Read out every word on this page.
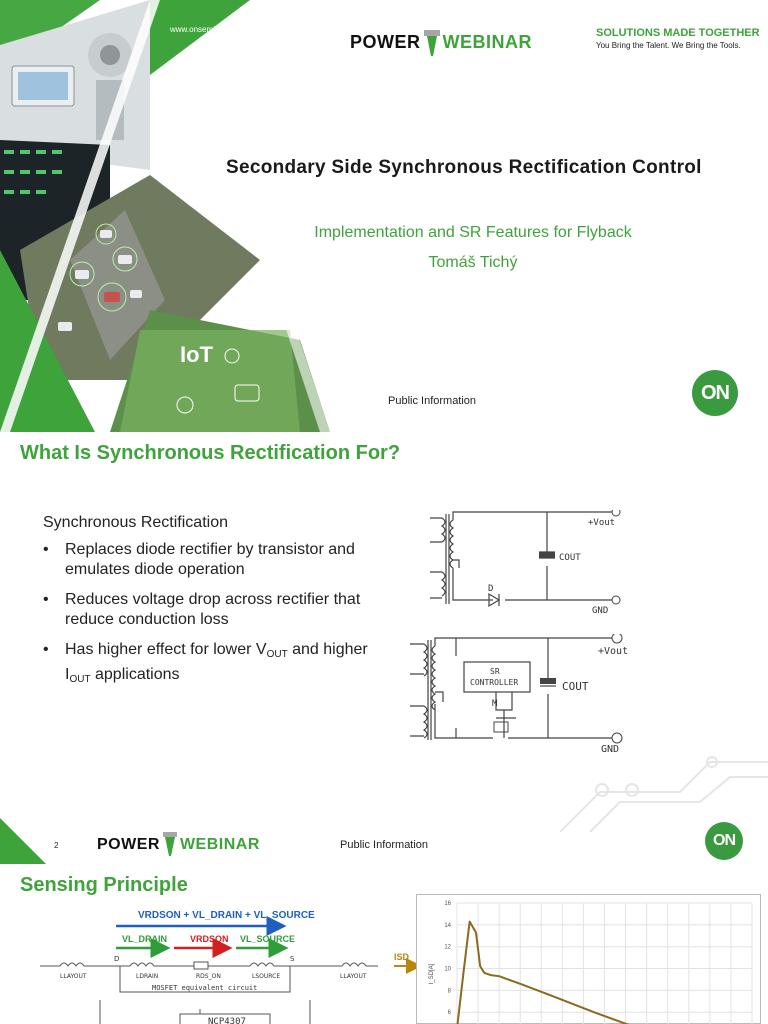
IoT
www.onsemi.com
POWER WEBINAR	SOLUTIONS MADE TOGETHER
You Bring the Talent. We Bring the Tools.
Secondary Side Synchronous Rectification Control
Implementation and SR Features for Flyback
Tomáš Tichý
Public Information	ON
What Is Synchronous Rectification For?
Synchronous Rectification
• Replaces diode rectifier by transistor and emulates diode operation
• Reduces voltage drop across rectifier that reduce conduction loss
• Has higher effect for lower $V_{OUT}$ and higher $I_{OUT}$ applications
+Vout
COUT
D
GND
SR
CONTROLLER
M
+Vout
COUT
GND
2 POWER WEBINAR	Public Information	ON
Sensing Principle
VRDSON + VL_DRAIN + VL_SOURCE
VL_DRAIN	VRDSON VL_SOURCE
ISD
D	S
LLAYOUT	LDRAIN	RDS_ON	LSOURCE	LLAYOUT
MOSFET equivalent circuit
NCP4307
16
14
12
10
8
6
I_SD[A]
